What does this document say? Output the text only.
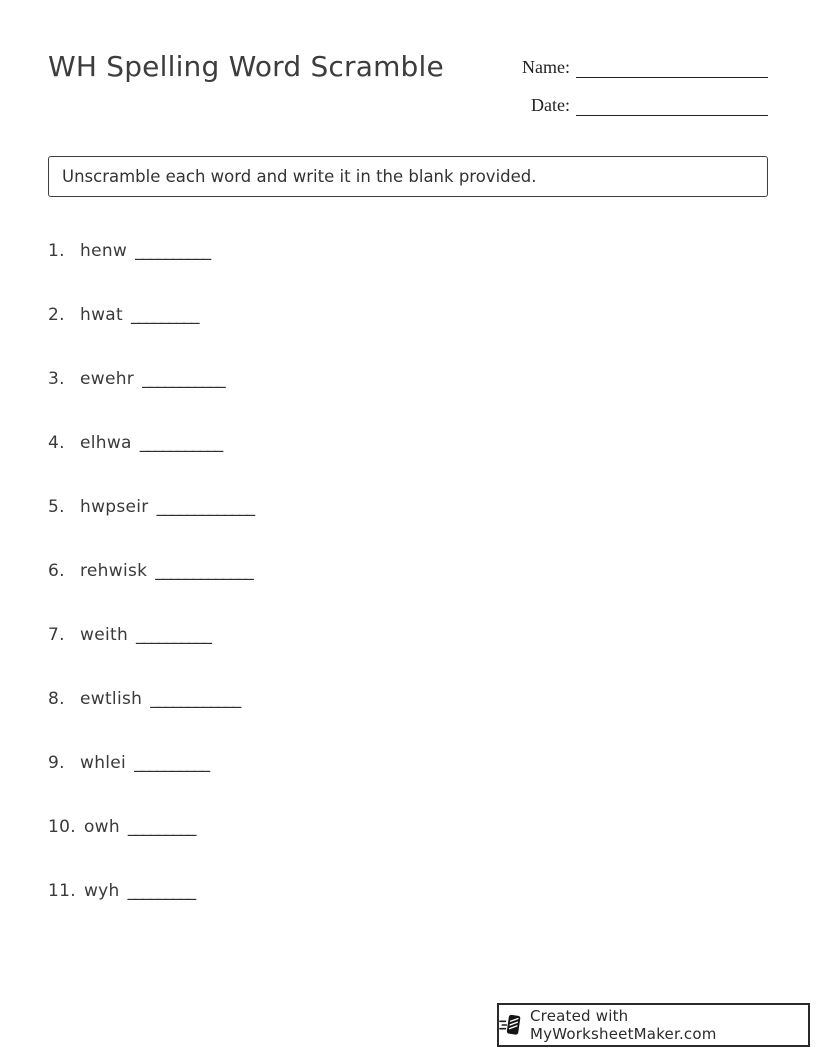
WH Spelling Word Scramble	Name:
Date:
Unscramble each word and write it in the blank provided.
1. henw __________
2. hwat _________
3. ewehr ___________
4. elhwa ___________
5. hwpseir _____________
6. rehwisk _____________
7. weith __________
8. ewtlish ____________
9. whlei __________
10. owh _________
11. wyh _________
Created with MyWorksheetMaker.com
